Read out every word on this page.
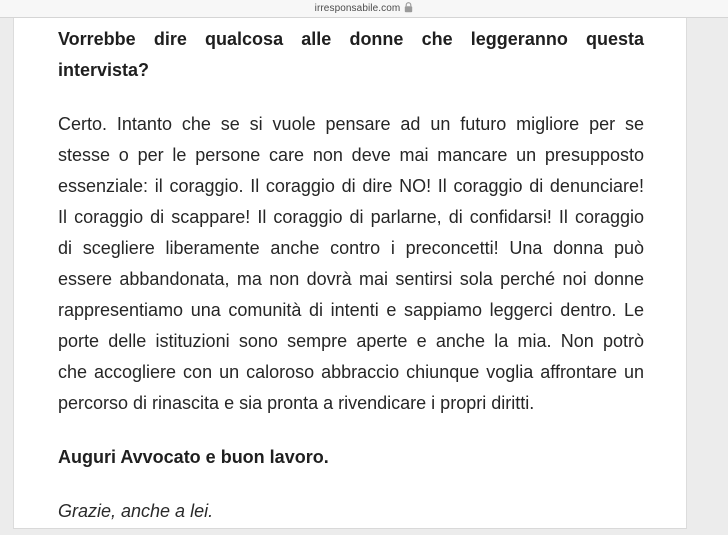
irresponsabile.com
Vorrebbe dire qualcosa alle donne che leggeranno questa
intervista?
Certo. Intanto che se si vuole pensare ad un futuro migliore per se
stesse o per le persone care non deve mai mancare un presupposto
essenziale: il coraggio. Il coraggio di dire NO! Il coraggio di denunciare!
Il coraggio di scappare! Il coraggio di parlarne, di confidarsi! Il coraggio
di scegliere liberamente anche contro i preconcetti! Una donna può
essere abbandonata, ma non dovrà mai sentirsi sola perché noi donne
rappresentiamo una comunità di intenti e sappiamo leggerci dentro. Le
porte delle istituzioni sono sempre aperte e anche la mia. Non potrò
che accogliere con un caloroso abbraccio chiunque voglia affrontare un
percorso di rinascita e sia pronta a rivendicare i propri diritti.
Auguri Avvocato e buon lavoro.
Grazie, anche a lei.
